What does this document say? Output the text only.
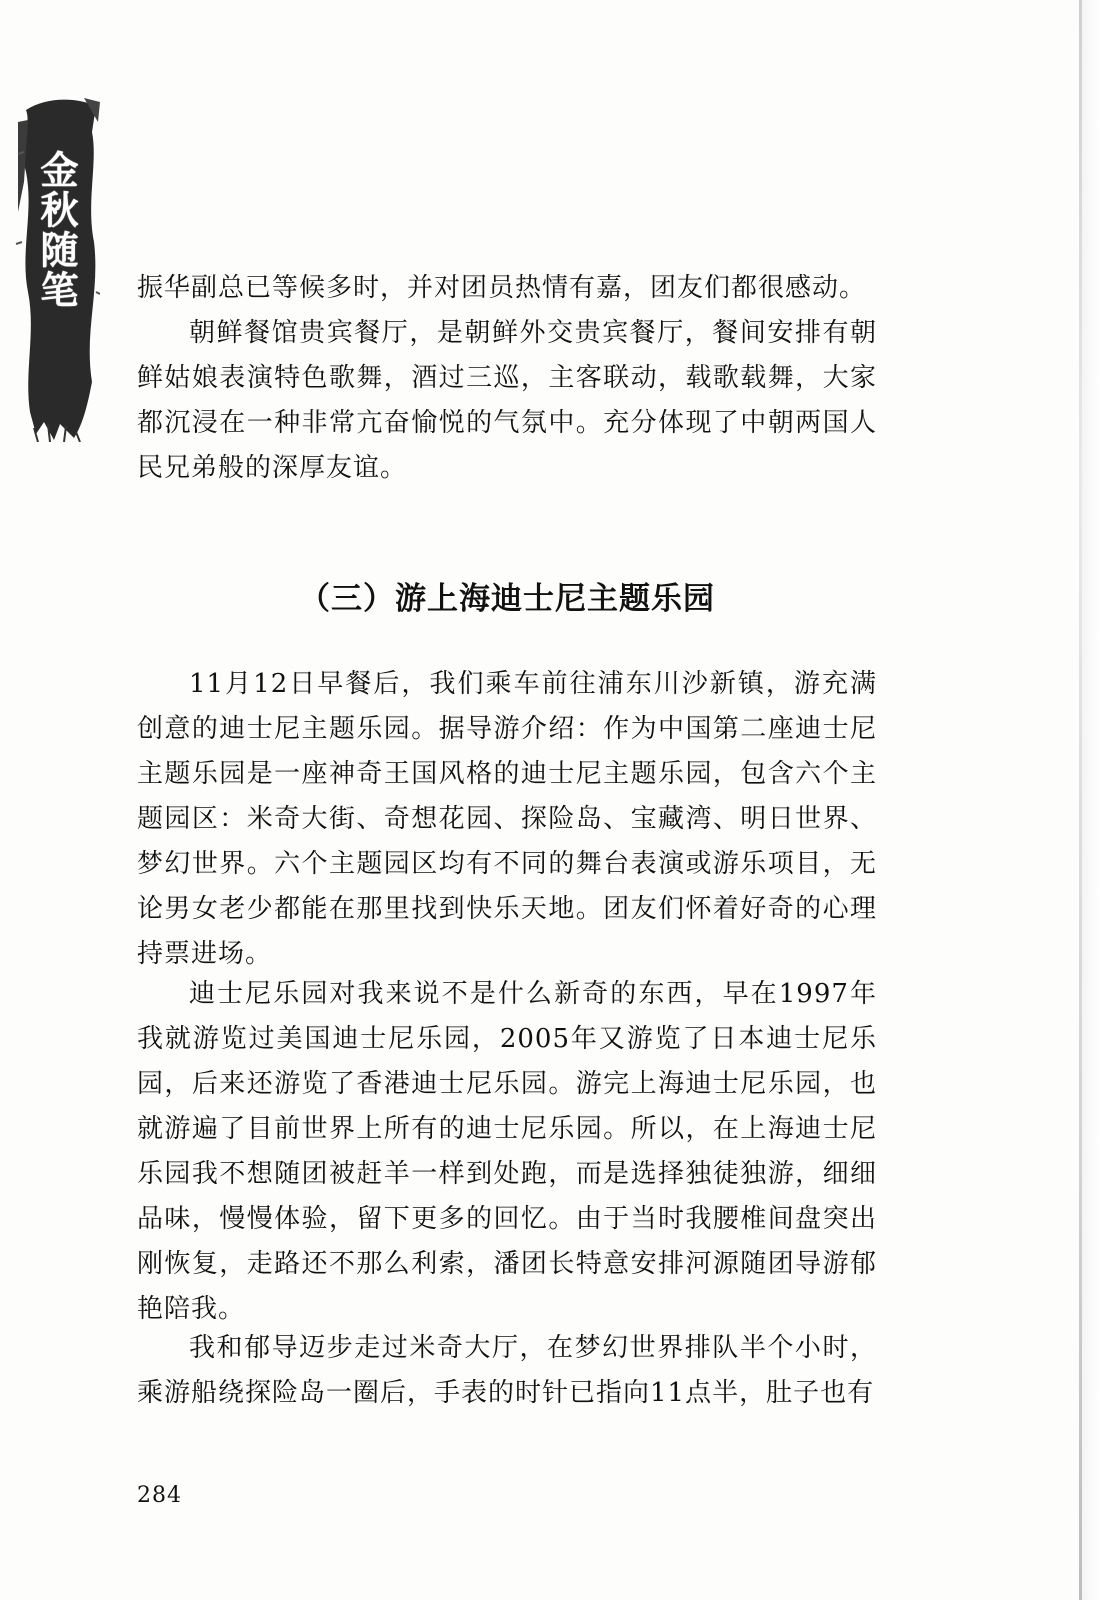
金秋随笔 振华副总已等候多时，并对团员热情有嘉，团友们都很感动。

朝鲜餐馆贵宾餐厅，是朝鲜外交贵宾餐厅，餐间安排有朝鲜姑娘表演特色歌舞，酒过三巡，主客联动，载歌载舞，大家都沉浸在一种非常亢奋愉悦的气氛中。充分体现了中朝两国人民兄弟般的深厚友谊。

（三）游上海迪士尼主题乐园

11月12日早餐后，我们乘车前往浦东川沙新镇，游充满创意的迪士尼主题乐园。据导游介绍：作为中国第二座迪士尼主题乐园是一座神奇王国风格的迪士尼主题乐园，包含六个主题园区：米奇大街、奇想花园、探险岛、宝藏湾、明日世界、梦幻世界。六个主题园区均有不同的舞台表演或游乐项目，无论男女老少都能在那里找到快乐天地。团友们怀着好奇的心理持票进场。

迪士尼乐园对我来说不是什么新奇的东西，早在1997年我就游览过美国迪士尼乐园，2005年又游览了日本迪士尼乐园，后来还游览了香港迪士尼乐园。游完上海迪士尼乐园，也就游遍了目前世界上所有的迪士尼乐园。所以，在上海迪士尼乐园我不想随团被赶羊一样到处跑，而是选择独徒独游，细细品味，慢慢体验，留下更多的回忆。由于当时我腰椎间盘突出刚恢复，走路还不那么利索，潘团长特意安排河源随团导游郁艳陪我。

我和郁导迈步走过米奇大厅，在梦幻世界排队半个小时，乘游船绕探险岛一圈后，手表的时针已指向11点半，肚子也有

284
